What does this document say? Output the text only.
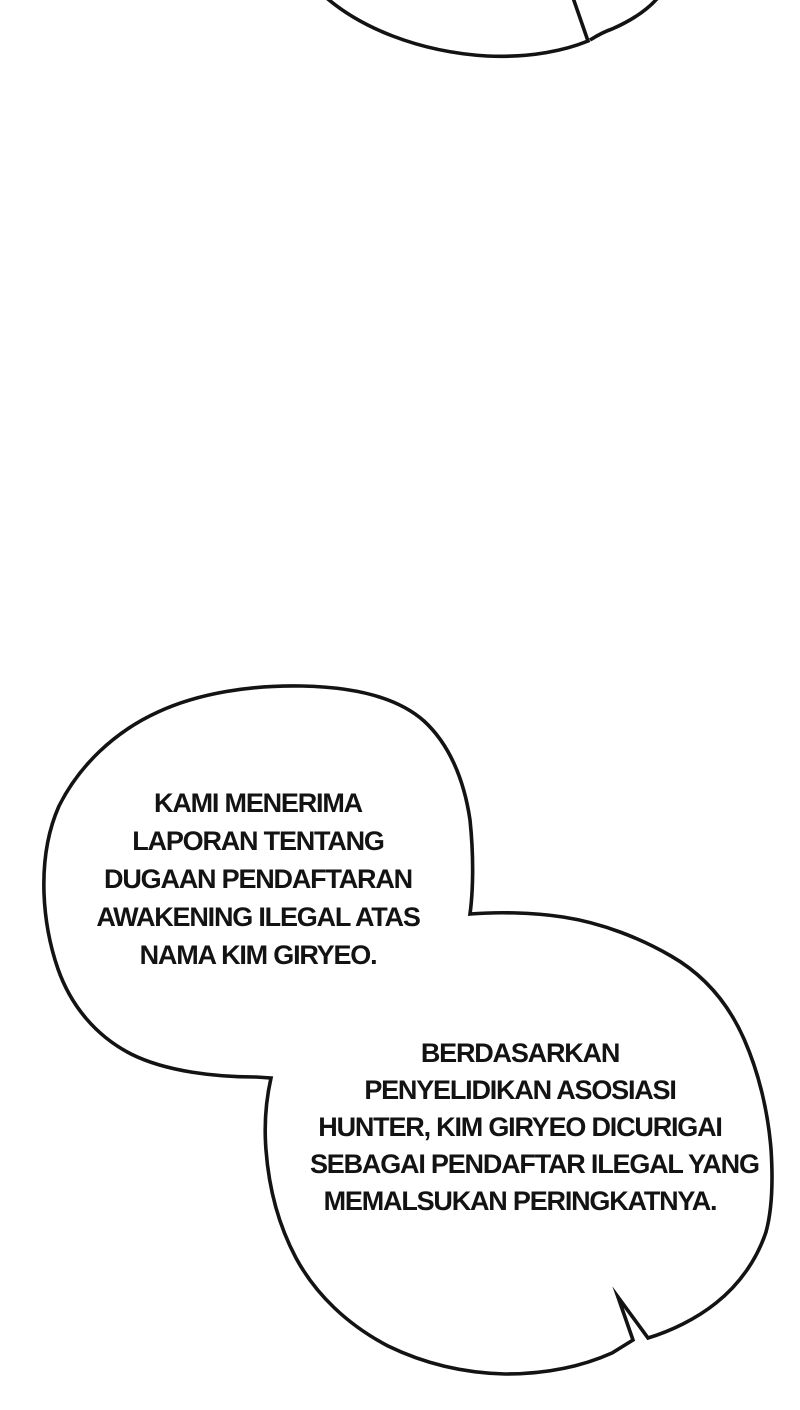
KAMI MENERIMA
LAPORAN TENTANG
DUGAAN PENDAFTARAN
AWAKENING ILEGAL ATAS
NAMA KIM GIRYEO.
BERDASARKAN
PENYELIDIKAN ASOSIASI
HUNTER, KIM GIRYEO DICURIGAI
SEBAGAI PENDAFTAR ILEGAL YANG
MEMALSUKAN PERINGKATNYA.
